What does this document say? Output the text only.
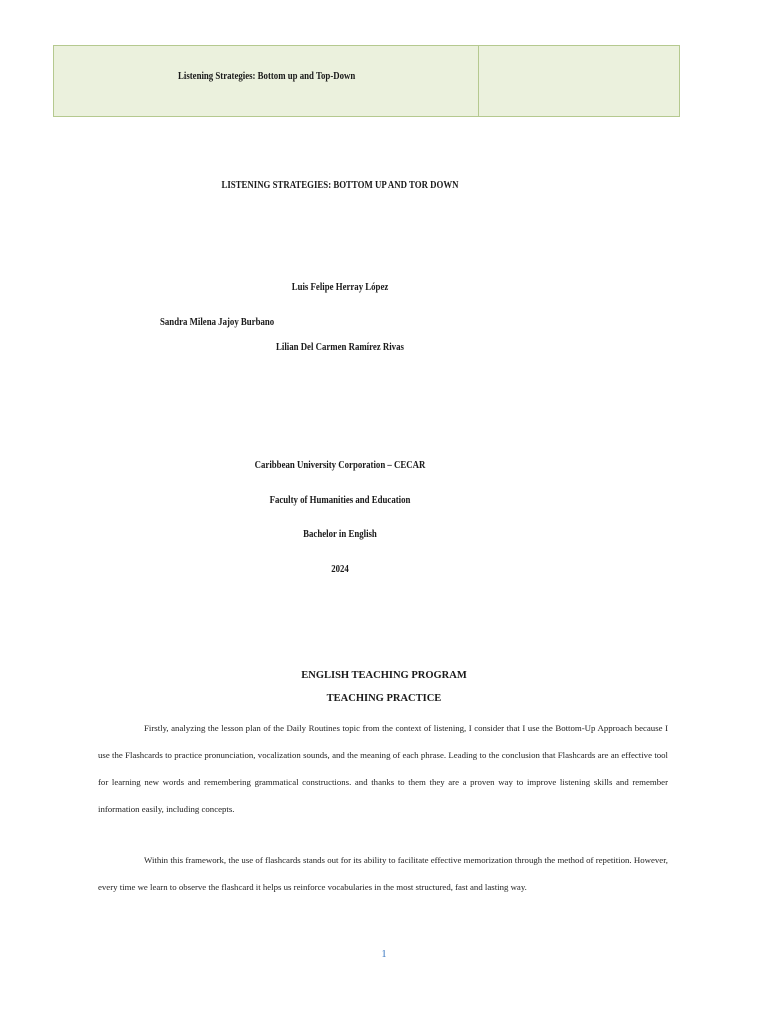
Listening Strategies: Bottom up and Top-Down
LISTENING STRATEGIES: BOTTOM UP AND TOR DOWN
Luis Felipe Herray López
Sandra Milena Jajoy Burbano
Lilian Del Carmen Ramírez Rivas
Caribbean University Corporation – CECAR
Faculty of Humanities and Education
Bachelor in English
2024
ENGLISH TEACHING PROGRAM
TEACHING PRACTICE
Firstly, analyzing the lesson plan of the Daily Routines topic from the context of listening, I consider that I use the Bottom-Up Approach because I use the Flashcards to practice pronunciation, vocalization sounds, and the meaning of each phrase. Leading to the conclusion that Flashcards are an effective tool for learning new words and remembering grammatical constructions. and thanks to them they are a proven way to improve listening skills and remember information easily, including concepts.
Within this framework, the use of flashcards stands out for its ability to facilitate effective memorization through the method of repetition. However, every time we learn to observe the flashcard it helps us reinforce vocabularies in the most structured, fast and lasting way.
1
